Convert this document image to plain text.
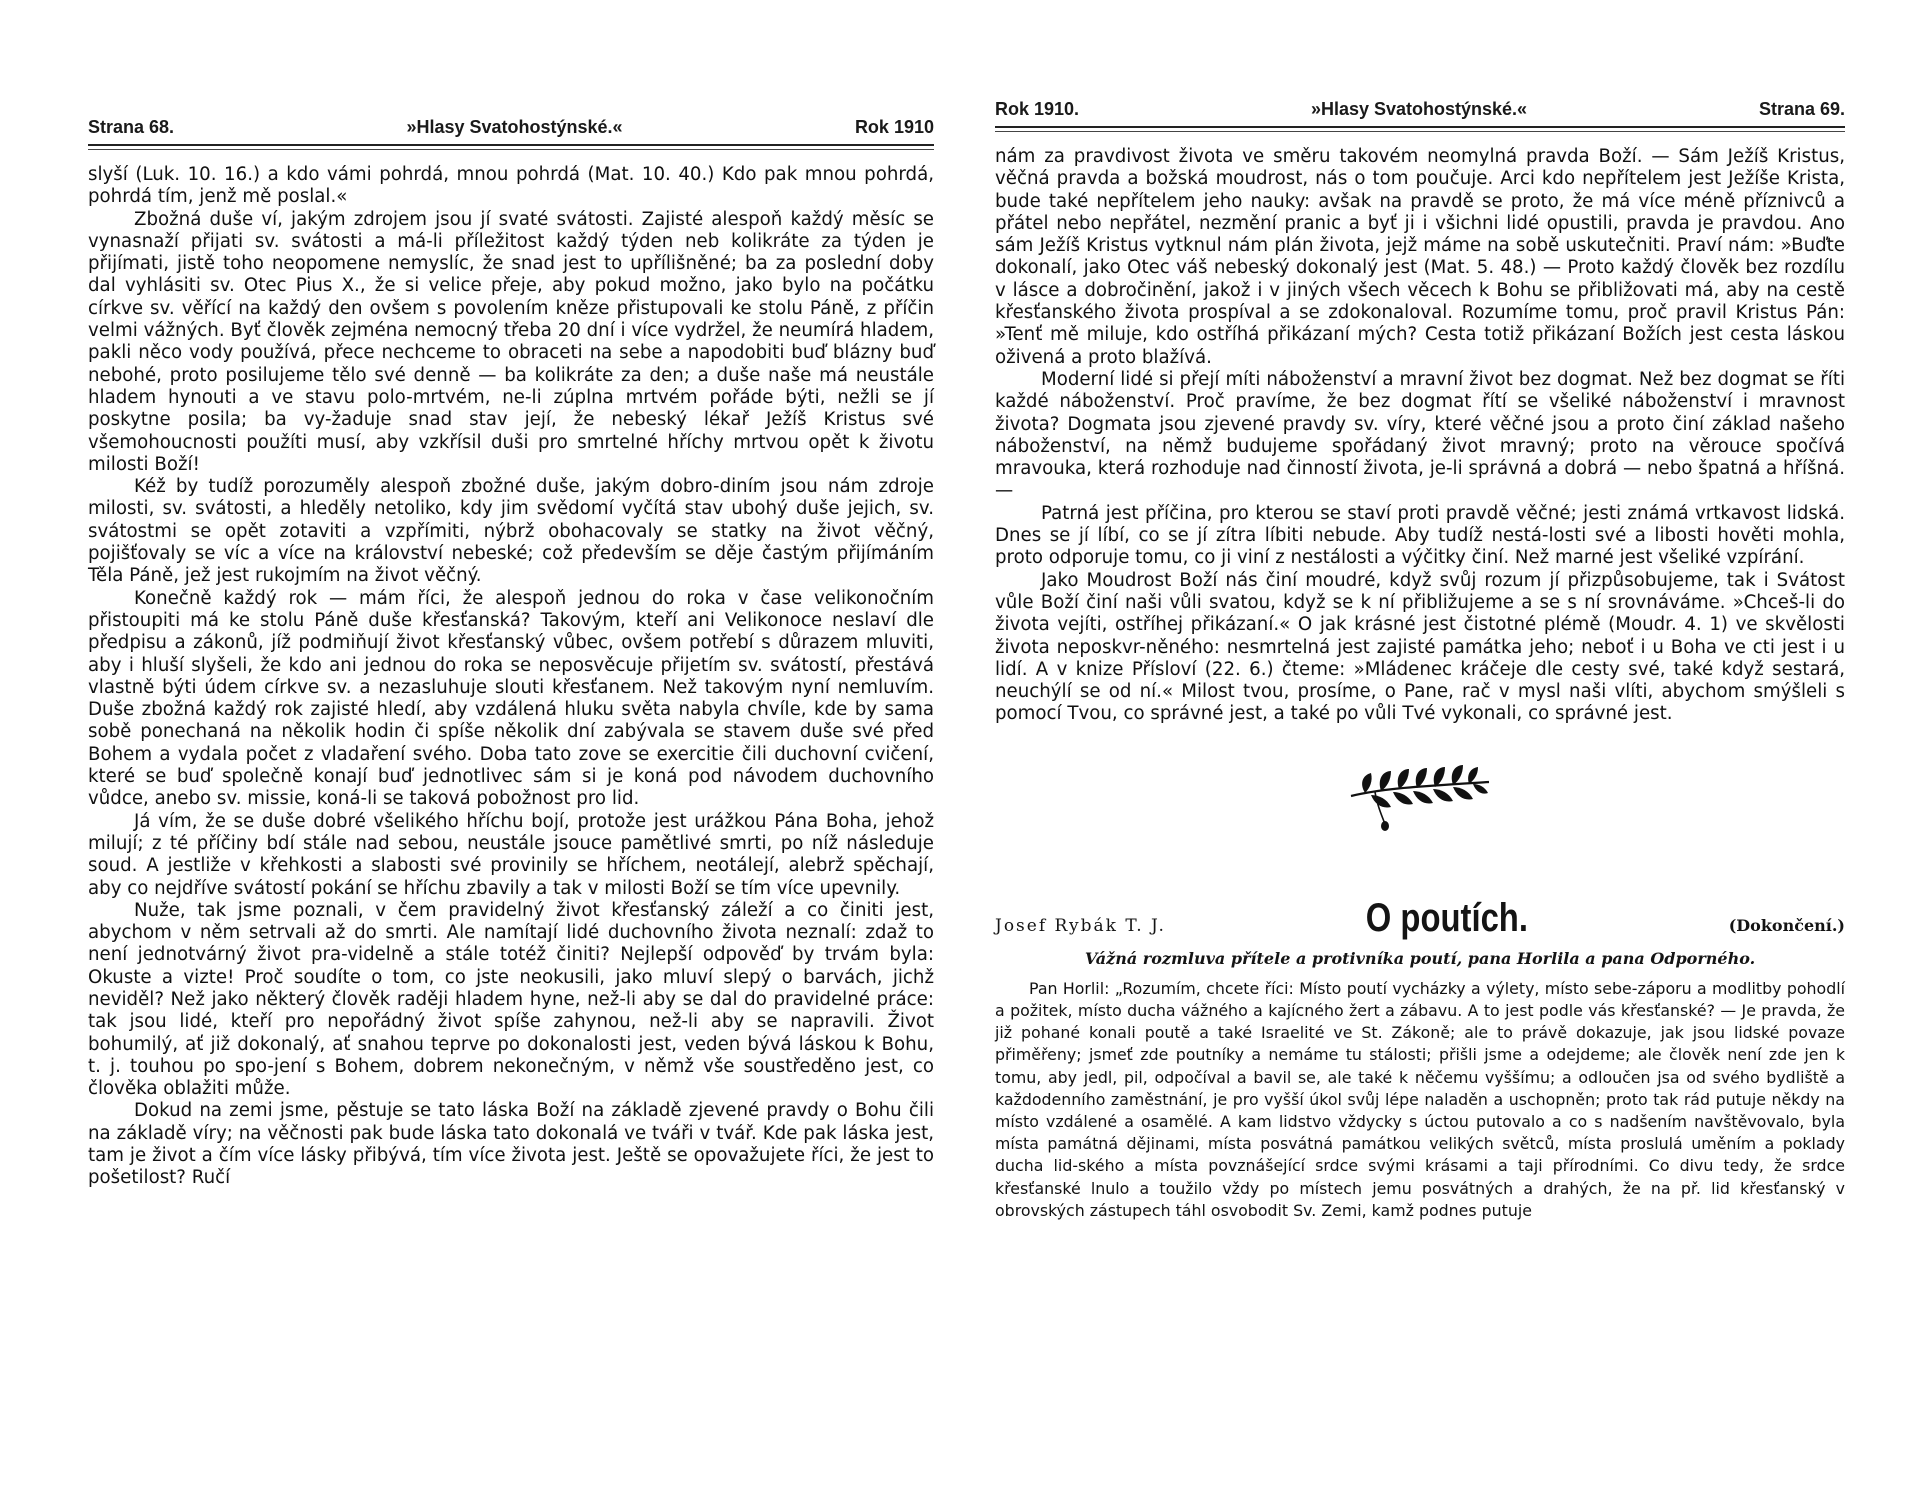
Strana 68.	»Hlasy Svatohostýnské.«	Rok 1910

slyší (Luk. 10. 16.) a kdo vámi pohrdá, mnou pohrdá (Mat. 10. 40.) Kdo pak mnou pohrdá, pohrdá tím, jenž mě poslal.«

Zbožná duše ví, jakým zdrojem jsou jí svaté svátosti. Zajisté alespoň každý měsíc se vynasnaží přijati sv. svátosti a má-li příležitost každý týden neb kolikráte za týden je přijímati, jistě toho neopomene nemyslíc, že snad jest to upřílišněné; ba za poslední doby dal vyhlásiti sv. Otec Pius X., že si velice přeje, aby pokud možno, jako bylo na počátku církve sv. věřící na každý den ovšem s povolením kněze přistupovali ke stolu Páně, z příčin velmi vážných. Byť člověk zejména nemocný třeba 20 dní i více vydržel, že neumírá hladem, pakli něco vody používá, přece nechceme to obraceti na sebe a napodobiti buď blázny buď nebohé, proto posilujeme tělo své denně — ba kolikráte za den; a duše naše má neustále hladem hynouti a ve stavu polo-mrtvém, ne-li zúplna mrtvém pořáde býti, nežli se jí poskytne posila; ba vy-žaduje snad stav její, že nebeský lékař Ježíš Kristus své všemohoucnosti použíti musí, aby vzkřísil duši pro smrtelné hříchy mrtvou opět k životu milosti Boží!

Kéž by tudíž porozuměly alespoň zbožné duše, jakým dobro-diním jsou nám zdroje milosti, sv. svátosti, a hleděly netoliko, kdy jim svědomí vyčítá stav ubohý duše jejich, sv. svátostmi se opět zotaviti a vzpřímiti, nýbrž obohacovaly se statky na život věčný, pojišťovaly se víc a více na království nebeské; což především se děje častým přijímáním Těla Páně, jež jest rukojmím na život věčný.

Konečně každý rok — mám říci, že alespoň jednou do roka v čase velikonočním přistoupiti má ke stolu Páně duše křesťanská? Takovým, kteří ani Velikonoce neslaví dle předpisu a zákonů, jíž podmiňují život křesťanský vůbec, ovšem potřebí s důrazem mluviti, aby i hluší slyšeli, že kdo ani jednou do roka se neposvěcuje přijetím sv. svátostí, přestává vlastně býti údem církve sv. a nezasluhuje slouti křesťanem. Než takovým nyní nemluvím. Duše zbožná každý rok zajisté hledí, aby vzdálená hluku světa nabyla chvíle, kde by sama sobě ponechaná na několik hodin či spíše několik dní zabývala se stavem duše své před Bohem a vydala počet z vladaření svého. Doba tato zove se exercitie čili duchovní cvičení, které se buď společně konají buď jednotlivec sám si je koná pod návodem duchovního vůdce, anebo sv. missie, koná-li se taková pobožnost pro lid.

Já vím, že se duše dobré všelikého hříchu bojí, protože jest urážkou Pána Boha, jehož milují; z té příčiny bdí stále nad sebou, neustále jsouce pamětlivé smrti, po níž následuje soud. A jestliže v křehkosti a slabosti své provinily se hříchem, neotálejí, alebrž spěchají, aby co nejdříve svátostí pokání se hříchu zbavily a tak v milosti Boží se tím více upevnily.

Nuže, tak jsme poznali, v čem pravidelný život křesťanský záleží a co činiti jest, abychom v něm setrvali až do smrti. Ale namítají lidé duchovního života neznalí: zdaž to není jednotvárný život pra-videlně a stále totéž činiti? Nejlepší odpověď by trvám byla: Okuste a vizte! Proč soudíte o tom, co jste neokusili, jako mluví slepý o barvách, jichž neviděl? Než jako některý člověk raději hladem hyne, než-li aby se dal do pravidelné práce: tak jsou lidé, kteří pro nepořádný život spíše zahynou, než-li aby se napravili. Život bohumilý, ať již dokonalý, ať snahou teprve po dokonalosti jest, veden bývá láskou k Bohu, t. j. touhou po spo-jení s Bohem, dobrem nekonečným, v němž vše soustředěno jest, co člověka oblažiti může.

Dokud na zemi jsme, pěstuje se tato láska Boží na základě zjevené pravdy o Bohu čili na základě víry; na věčnosti pak bude láska tato dokonalá ve tváři v tvář. Kde pak láska jest, tam je život a čím více lásky přibývá, tím více života jest. Ještě se opovažujete říci, že jest to pošetilost? Ručí

Rok 1910.	»Hlasy Svatohostýnské.«	Strana 69.

nám za pravdivost života ve směru takovém neomylná pravda Boží. — Sám Ježíš Kristus, věčná pravda a božská moudrost, nás o tom poučuje. Arci kdo nepřítelem jest Ježíše Krista, bude také nepřítelem jeho nauky: avšak na pravdě se proto, že má více méně příznivců a přátel nebo nepřátel, nezmění pranic a byť ji i všichni lidé opustili, pravda je pravdou. Ano sám Ježíš Kristus vytknul nám plán života, jejž máme na sobě uskutečniti. Praví nám: »Buďte dokonalí, jako Otec váš nebeský dokonalý jest (Mat. 5. 48.) — Proto každý člověk bez rozdílu v lásce a dobročinění, jakož i v jiných všech věcech k Bohu se přibližovati má, aby na cestě křesťanského života prospíval a se zdokonaloval. Rozumíme tomu, proč pravil Kristus Pán: »Tenť mě miluje, kdo ostříhá přikázaní mých? Cesta totiž přikázaní Božích jest cesta láskou oživená a proto blažívá.

Moderní lidé si přejí míti náboženství a mravní život bez dogmat. Než bez dogmat se říti každé náboženství. Proč pravíme, že bez dogmat řítí se všeliké náboženství i mravnost života? Dogmata jsou zjevené pravdy sv. víry, které věčné jsou a proto činí základ našeho náboženství, na němž budujeme spořádaný život mravný; proto na věrouce spočívá mravouka, která rozhoduje nad činností života, je-li správná a dobrá — nebo špatná a hříšná. —

Patrná jest příčina, pro kterou se staví proti pravdě věčné; jesti známá vrtkavost lidská. Dnes se jí líbí, co se jí zítra líbiti nebude. Aby tudíž nestá-losti své a libosti hověti mohla, proto odporuje tomu, co ji viní z nestálosti a výčitky činí. Než marné jest všeliké vzpírání.

Jako Moudrost Boží nás činí moudré, když svůj rozum jí přizpůsobujeme, tak i Svátost vůle Boží činí naši vůli svatou, když se k ní přibližujeme a se s ní srovnáváme. »Chceš-li do života vejíti, ostříhej přikázaní.« O jak krásné jest čistotné plémě (Moudr. 4. 1) ve skvělosti života neposkvr-něného: nesmrtelná jest zajisté památka jeho; neboť i u Boha ve cti jest i u lidí. A v knize Přísloví (22. 6.) čteme: »Mládenec kráčeje dle cesty své, také když sestará, neuchýlí se od ní.« Milost tvou, prosíme, o Pane, rač v mysl naši vlíti, abychom smýšleli s pomocí Tvou, co správné jest, a také po vůli Tvé vykonali, co správné jest.

Josef Rybák T. J.	O poutích.	(Dokončení.)
Vážná rozmluva přítele a protivníka poutí, pana Horlila a pana Odporného.

Pan Horlil: „Rozumím, chcete říci: Místo poutí vycházky a výlety, místo sebe-záporu a modlitby pohodlí a požitek, místo ducha vážného a kajícného žert a zábavu. A to jest podle vás křesťanské? — Je pravda, že již pohané konali poutě a také Israelité ve St. Zákoně; ale to právě dokazuje, jak jsou lidské povaze přiměřeny; jsmeť zde poutníky a nemáme tu stálosti; přišli jsme a odejdeme; ale člověk není zde jen k tomu, aby jedl, pil, odpočíval a bavil se, ale také k něčemu vyššímu; a odloučen jsa od svého bydliště a každodenního zaměstnání, je pro vyšší úkol svůj lépe naladěn a uschopněn; proto tak rád putuje někdy na místo vzdálené a osamělé. A kam lidstvo vždycky s úctou putovalo a co s nadšením navštěvovalo, byla místa památná dějinami, místa posvátná památkou velikých světců, místa proslulá uměním a poklady ducha lid-ského a místa povznášející srdce svými krásami a taji přírodními. Co divu tedy, že srdce křesťanské lnulo a toužilo vždy po místech jemu posvátných a drahých, že na př. lid křesťanský v obrovských zástupech táhl osvobodit Sv. Zemi, kamž podnes putuje
